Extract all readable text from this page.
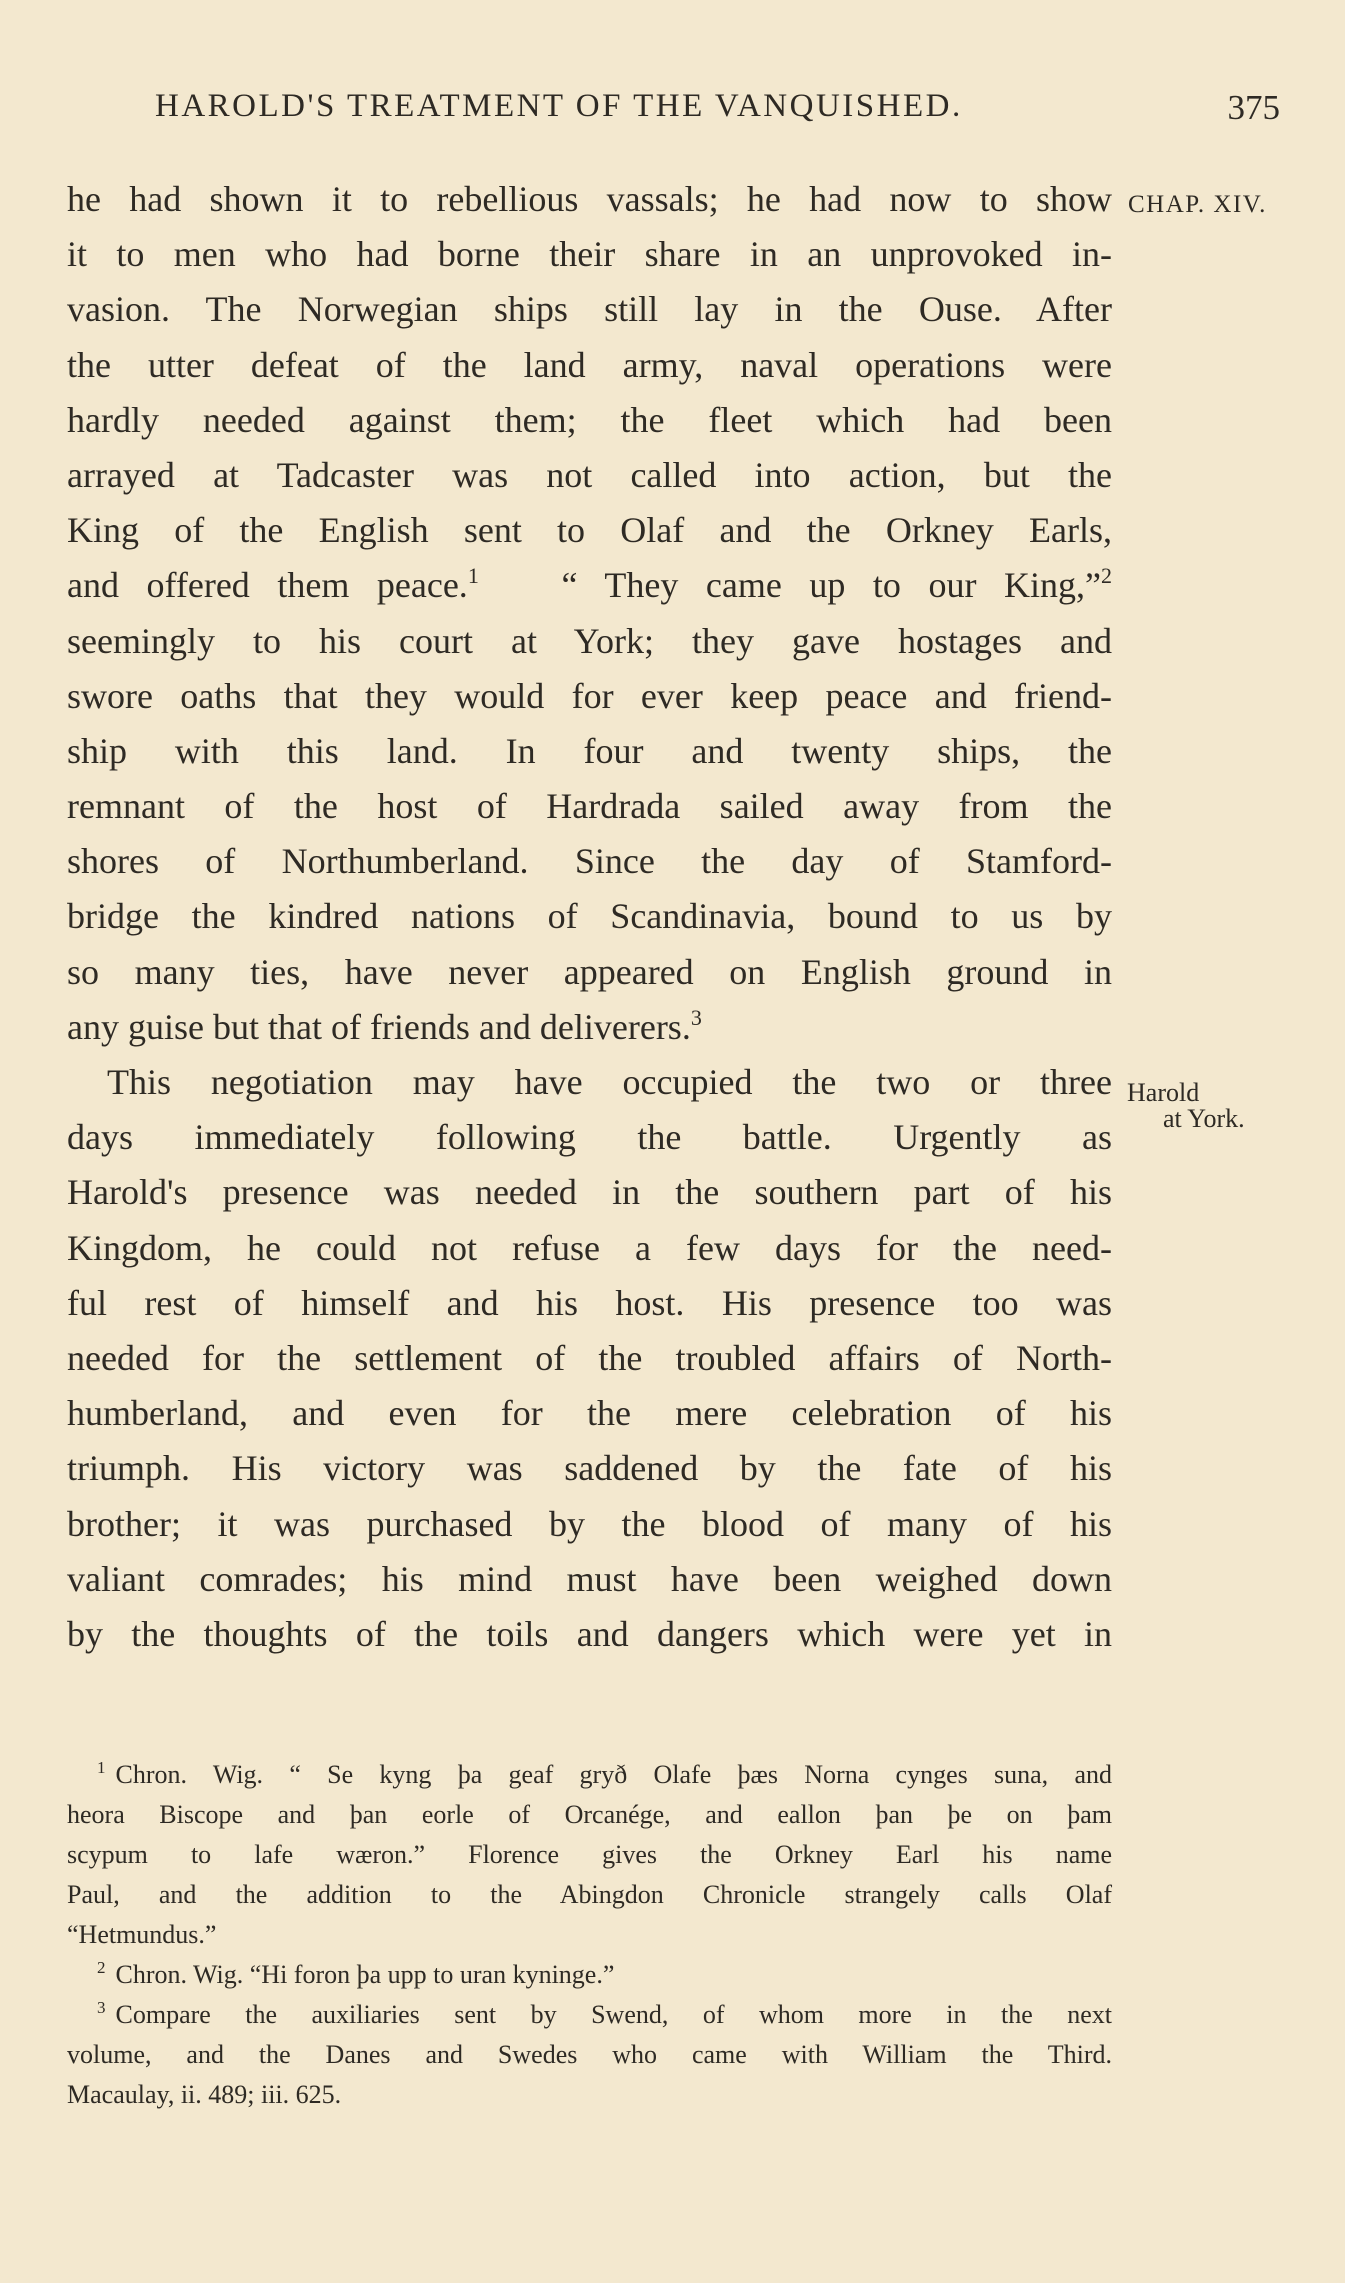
HAROLD'S TREATMENT OF THE VANQUISHED.	375
CHAP. XIV.
Harold
at York.
he had shown it to rebellious vassals; he had now to show
it to men who had borne their share in an unprovoked in-
vasion. The Norwegian ships still lay in the Ouse. After
the utter defeat of the land army, naval operations were
hardly needed against them; the fleet which had been
arrayed at Tadcaster was not called into action, but the
King of the English sent to Olaf and the Orkney Earls,
and offered them peace.$^1$ “ They came up to our King,”$^2$
seemingly to his court at York; they gave hostages and
swore oaths that they would for ever keep peace and friend-
ship with this land. In four and twenty ships, the
remnant of the host of Hardrada sailed away from the
shores of Northumberland. Since the day of Stamford-
bridge the kindred nations of Scandinavia, bound to us by
so many ties, have never appeared on English ground in
any guise but that of friends and deliverers.$^3$
This negotiation may have occupied the two or three
days immediately following the battle. Urgently as
Harold's presence was needed in the southern part of his
Kingdom, he could not refuse a few days for the need-
ful rest of himself and his host. His presence too was
needed for the settlement of the troubled affairs of North-
humberland, and even for the mere celebration of his
triumph. His victory was saddened by the fate of his
brother; it was purchased by the blood of many of his
valiant comrades; his mind must have been weighed down
by the thoughts of the toils and dangers which were yet in
$^1$ Chron. Wig. “ Se kyng þa geaf gryð Olafe þæs Norna cynges suna, and
heora Biscope and þan eorle of Orcanége, and eallon þan þe on þam
scypum to lafe wæron.” Florence gives the Orkney Earl his name
Paul, and the addition to the Abingdon Chronicle strangely calls Olaf
“Hetmundus.”
$^2$ Chron. Wig. “Hi foron þa upp to uran kyninge.”
$^3$ Compare the auxiliaries sent by Swend, of whom more in the next
volume, and the Danes and Swedes who came with William the Third.
Macaulay, ii. 489; iii. 625.
